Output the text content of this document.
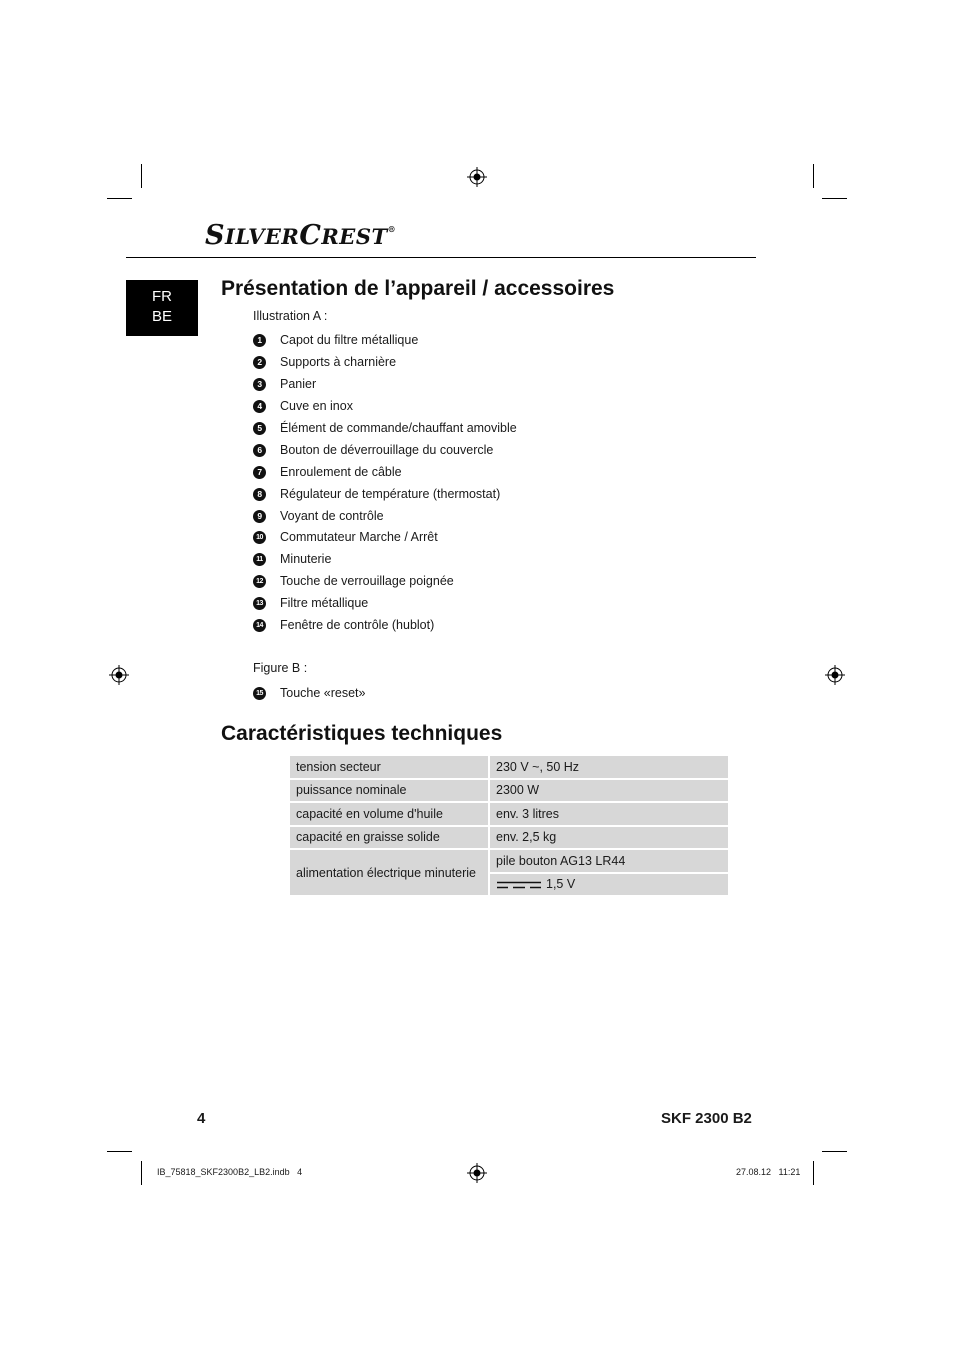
SILVERCREST®
FR
BE
Présentation de l’appareil / accessoires
Illustration A :
1	Capot du filtre métallique
2	Supports à charnière
3	Panier
4	Cuve en inox
5	Élément de commande/chauffant amovible
6	Bouton de déverrouillage du couvercle
7	Enroulement de câble
8	Régulateur de température (thermostat)
9	Voyant de contrôle
10 Commutateur Marche / Arrêt
11 Minuterie
12 Touche de verrouillage poignée
13 Filtre métallique
14 Fenêtre de contrôle (hublot)
Figure B :
15 Touche «reset»
Caractéristiques techniques
tension secteur	230 V ~, 50 Hz
puissance nominale	2300 W
capacité en volume d'huile	env. 3 litres
capacité en graisse solide	env. 2,5 kg
alimentation électrique minuterie	pile bouton AG13 LR44
	1,5 V
4	SKF 2300 B2
IB_75818_SKF2300B2_LB2.indb   4	27.08.12   11:21
